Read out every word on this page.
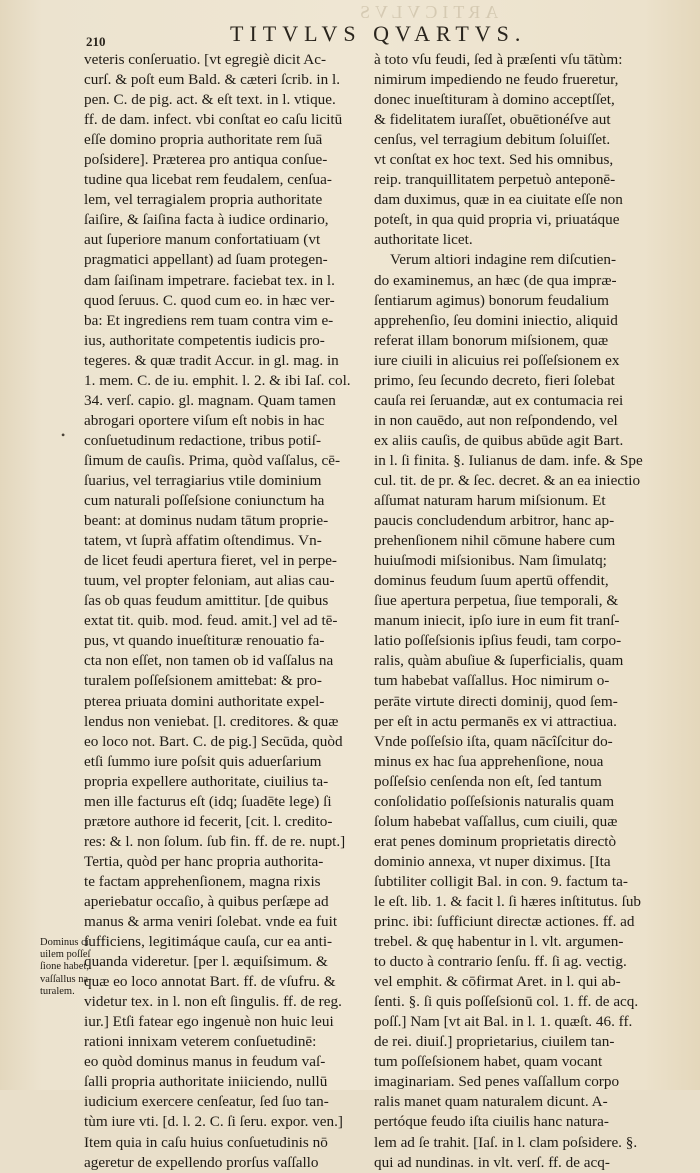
ARTICVLVS
210	TITVLVS QVARTVS.
•
veteris conſeruatio. [vt egregiè dicit Ac-
curſ. & poſt eum Bald. & cæteri ſcrib. in l.
pen. C. de pig. act. & eſt text. in l. vtique.
ff. de dam. infect. vbi conſtat eo caſu licitū
eſſe domino propria authoritate rem ſuā
poſsidere]. Præterea pro antiqua conſue-
tudine qua licebat rem feudalem, cenſua-
lem, vel terragialem propria authoritate
ſaiſire, & ſaiſina facta à iudice ordinario,
aut ſuperiore manum confortatiuam (vt
pragmatici appellant) ad ſuam protegen-
dam ſaiſinam impetrare. faciebat tex. in l.
quod ſeruus. C. quod cum eo. in hæc ver-
ba: Et ingrediens rem tuam contra vim e-
ius, authoritate competentis iudicis pro-
tegeres. & quæ tradit Accur. in gl. mag. in
1. mem. C. de iu. emphit. l. 2. & ibi Iaſ. col.
34. verſ. capio. gl. magnam. Quam tamen
abrogari oportere viſum eſt nobis in hac
conſuetudinum redactione, tribus potiſ-
ſimum de cauſis. Prima, quòd vaſſalus, cē-
ſuarius, vel terragiarius vtile dominium
cum naturali poſſeſsione coniunctum ha
beant: at dominus nudam tātum proprie-
tatem, vt ſuprà affatim oſtendimus. Vn-
de licet feudi apertura fieret, vel in perpe-
tuum, vel propter feloniam, aut alias cau-
ſas ob quas feudum amittitur. [de quibus
extat tit. quib. mod. feud. amit.] vel ad tē-
pus, vt quando inueſtituræ renouatio fa-
cta non eſſet, non tamen ob id vaſſalus na
turalem poſſeſsionem amittebat: & pro-
pterea priuata domini authoritate expel-
lendus non veniebat. [l. creditores. & quæ
eo loco not. Bart. C. de pig.] Secūda, quòd
etſi ſummo iure poſsit quis aduerſarium
propria expellere authoritate, ciuilius ta-
men ille facturus eſt (idq; ſuadēte lege) ſi
prætore authore id fecerit, [cit. l. credito-
res: & l. non ſolum. ſub fin. ff. de re. nupt.]
Tertia, quòd per hanc propria authorita-
te factam apprehenſionem, magna rixis
aperiebatur occaſio, à quibus perſæpe ad
manus & arma veniri ſolebat. vnde ea fuit
ſufficiens, legitimáque cauſa, cur ea anti-
quanda videretur. [per l. æquiſsimum. &
quæ eo loco annotat Bart. ff. de vſufru. &
videtur tex. in l. non eſt ſingulis. ff. de reg.
iur.] Etſi fatear ego ingenuè non huic leui
rationi innixam veterem conſuetudinē:
eo quòd dominus manus in feudum vaſ-
ſalli propria authoritate iniiciendo, nullū
iudicium exercere cenſeatur, ſed ſuo tan-
tùm iure vti. [d. l. 2. C. ſi ſeru. expor. ven.]
Item quia in caſu huius conſuetudinis nō
ageretur de expellendo prorſus vaſſallo
à toto vſu feudi, ſed à præſenti vſu tātùm:
nimirum impediendo ne feudo frueretur,
donec inueſtituram à domino acceptſſet,
& fidelitatem iuraſſet, obuētionéſve aut
cenſus, vel terragium debitum ſoluiſſet.
vt conſtat ex hoc text. Sed his omnibus,
reip. tranquillitatem perpetuò anteponē-
dam duximus, quæ in ea ciuitate eſſe non
poteſt, in qua quid propria vi, priuatáque
authoritate licet.
Verum altiori indagine rem diſcutien-
do examinemus, an hæc (de qua impræ-
ſentiarum agimus) bonorum feudalium
apprehenſio, ſeu domini iniectio, aliquid
referat illam bonorum miſsionem, quæ
iure ciuili in alicuius rei poſſeſsionem ex
primo, ſeu ſecundo decreto, fieri ſolebat
cauſa rei ſeruandæ, aut ex contumacia rei
in non cauēdo, aut non reſpondendo, vel
ex aliis cauſis, de quibus abūde agit Bart.
in l. ſi finita. §. Iulianus de dam. infe. & Spe
cul. tit. de pr. & ſec. decret. & an ea iniectio
aſſumat naturam harum miſsionum. Et
paucis concludendum arbitror, hanc ap-
prehenſionem nihil cōmune habere cum
huiuſmodi miſsionibus. Nam ſimulatq;
dominus feudum ſuum apertū offendit,
ſiue apertura perpetua, ſiue temporali, &
manum iniecit, ipſo iure in eum fit tranſ-
latio poſſeſsionis ipſius feudi, tam corpo-
ralis, quàm abuſiue & ſuperficialis, quam
tum habebat vaſſallus. Hoc nimirum o-
perāte virtute directi dominij, quod ſem-
per eſt in actu permanēs ex vi attractiua.
Vnde poſſeſsio iſta, quam nācîſcitur do-
minus ex hac ſua apprehenſione, noua
poſſeſsio cenſenda non eſt, ſed tantum
conſolidatio poſſeſsionis naturalis quam
ſolum habebat vaſſallus, cum ciuili, quæ
erat penes dominum proprietatis directò
dominio annexa, vt nuper diximus. [Ita
ſubtiliter colligit Bal. in con. 9. factum ta-
le eſt. lib. 1. & facit l. ſi hæres inſtitutus. ſub
princ. ibi: ſufficiunt directæ actiones. ff. ad
trebel. & quę habentur in l. vlt. argumen-
to ducto à contrario ſenſu. ff. ſi ag. vectig.
vel emphit. & cōfirmat Aret. in l. qui ab-
ſenti. §. ſi quis poſſeſsionū col. 1. ff. de acq.
poſſ.] Nam [vt ait Bal. in l. 1. quæſt. 46. ff.
de rei. diuiſ.] proprietarius, ciuilem tan-
tum poſſeſsionem habet, quam vocant
imaginariam. Sed penes vaſſallum corpo
ralis manet quam naturalem dicunt. A-
pertóque feudo iſta ciuilis hanc natura-
lem ad ſe trahit. [Iaſ. in l. clam poſsidere. §.
qui ad nundinas. in vlt. verſ. ff. de acq-
Dominus ci
uilem poſſeſ
ſione habet,
vaſſallus na-
turalem.
